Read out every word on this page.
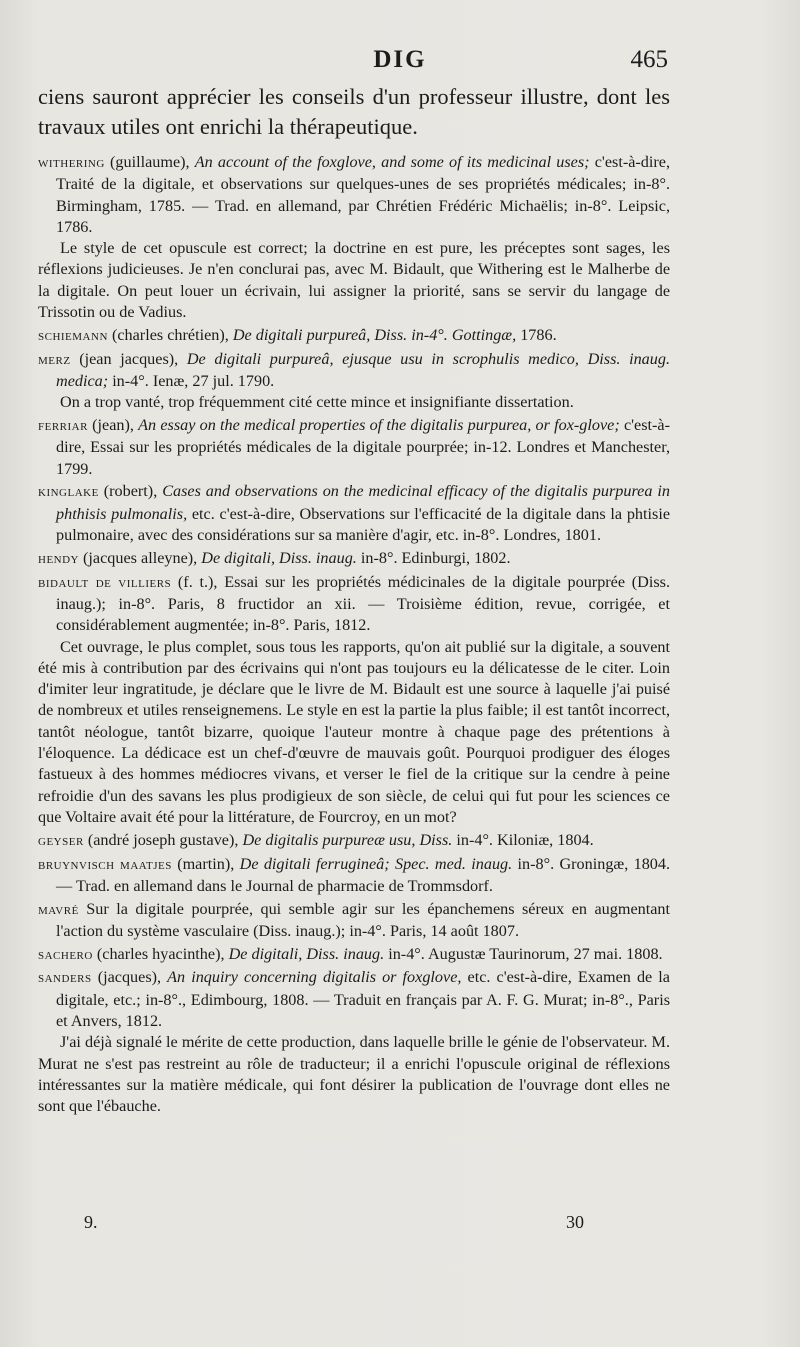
DIG	465
ciens sauront apprécier les conseils d'un professeur illustre, dont les travaux utiles ont enrichi la thérapeutique.
withering (guillaume), An account of the foxglove, and some of its medicinal uses; c'est-à-dire, Traité de la digitale, et observations sur quelques-unes de ses propriétés médicales; in-8°. Birmingham, 1785. — Trad. en allemand, par Chrétien Frédéric Michaëlis; in-8°. Leipsic, 1786.
Le style de cet opuscule est correct; la doctrine en est pure, les préceptes sont sages, les réflexions judicieuses. Je n'en conclurai pas, avec M. Bidault, que Withering est le Malherbe de la digitale. On peut louer un écrivain, lui assigner la priorité, sans se servir du langage de Trissotin ou de Vadius.
schiemann (charles chrétien), De digitali purpureâ, Diss. in-4°. Gottingæ, 1786.
merz (jean jacques), De digitali purpureâ, ejusque usu in scrophulis medico, Diss. inaug. medica; in-4°. Ienæ, 27 jul. 1790.
On a trop vanté, trop fréquemment cité cette mince et insignifiante dissertation.
ferriar (jean), An essay on the medical properties of the digitalis purpurea, or fox-glove; c'est-à-dire, Essai sur les propriétés médicales de la digitale pourprée; in-12. Londres et Manchester, 1799.
kinglake (robert), Cases and observations on the medicinal efficacy of the digitalis purpurea in phthisis pulmonalis, etc. c'est-à-dire, Observations sur l'efficacité de la digitale dans la phtisie pulmonaire, avec des considérations sur sa manière d'agir, etc. in-8°. Londres, 1801.
hendy (jacques alleyne), De digitali, Diss. inaug. in-8°. Edinburgi, 1802.
bidault de villiers (f. t.), Essai sur les propriétés médicinales de la digitale pourprée (Diss. inaug.); in-8°. Paris, 8 fructidor an xii. — Troisième édition, revue, corrigée, et considérablement augmentée; in-8°. Paris, 1812.
Cet ouvrage, le plus complet, sous tous les rapports, qu'on ait publié sur la digitale, a souvent été mis à contribution par des écrivains qui n'ont pas toujours eu la délicatesse de le citer. Loin d'imiter leur ingratitude, je déclare que le livre de M. Bidault est une source à laquelle j'ai puisé de nombreux et utiles renseignemens. Le style en est la partie la plus faible; il est tantôt incorrect, tantôt néologue, tantôt bizarre, quoique l'auteur montre à chaque page des prétentions à l'éloquence. La dédicace est un chef-d'œuvre de mauvais goût. Pourquoi prodiguer des éloges fastueux à des hommes médiocres vivans, et verser le fiel de la critique sur la cendre à peine refroidie d'un des savans les plus prodigieux de son siècle, de celui qui fut pour les sciences ce que Voltaire avait été pour la littérature, de Fourcroy, en un mot?
geyser (andré joseph gustave), De digitalis purpureæ usu, Diss. in-4°. Kiloniæ, 1804.
bruynvisch maatjes (martin), De digitali ferrugineâ; Spec. med. inaug. in-8°. Groningæ, 1804. — Trad. en allemand dans le Journal de pharmacie de Trommsdorf.
mavré Sur la digitale pourprée, qui semble agir sur les épanchemens séreux en augmentant l'action du système vasculaire (Diss. inaug.); in-4°. Paris, 14 août 1807.
sachero (charles hyacinthe), De digitali, Diss. inaug. in-4°. Augustæ Taurinorum, 27 mai. 1808.
sanders (jacques), An inquiry concerning digitalis or foxglove, etc. c'est-à-dire, Examen de la digitale, etc.; in-8°., Edimbourg, 1808. — Traduit en français par A. F. G. Murat; in-8°., Paris et Anvers, 1812.
J'ai déjà signalé le mérite de cette production, dans laquelle brille le génie de l'observateur. M. Murat ne s'est pas restreint au rôle de traducteur; il a enrichi l'opuscule original de réflexions intéressantes sur la matière médicale, qui font désirer la publication de l'ouvrage dont elles ne sont que l'ébauche.
9.	30
